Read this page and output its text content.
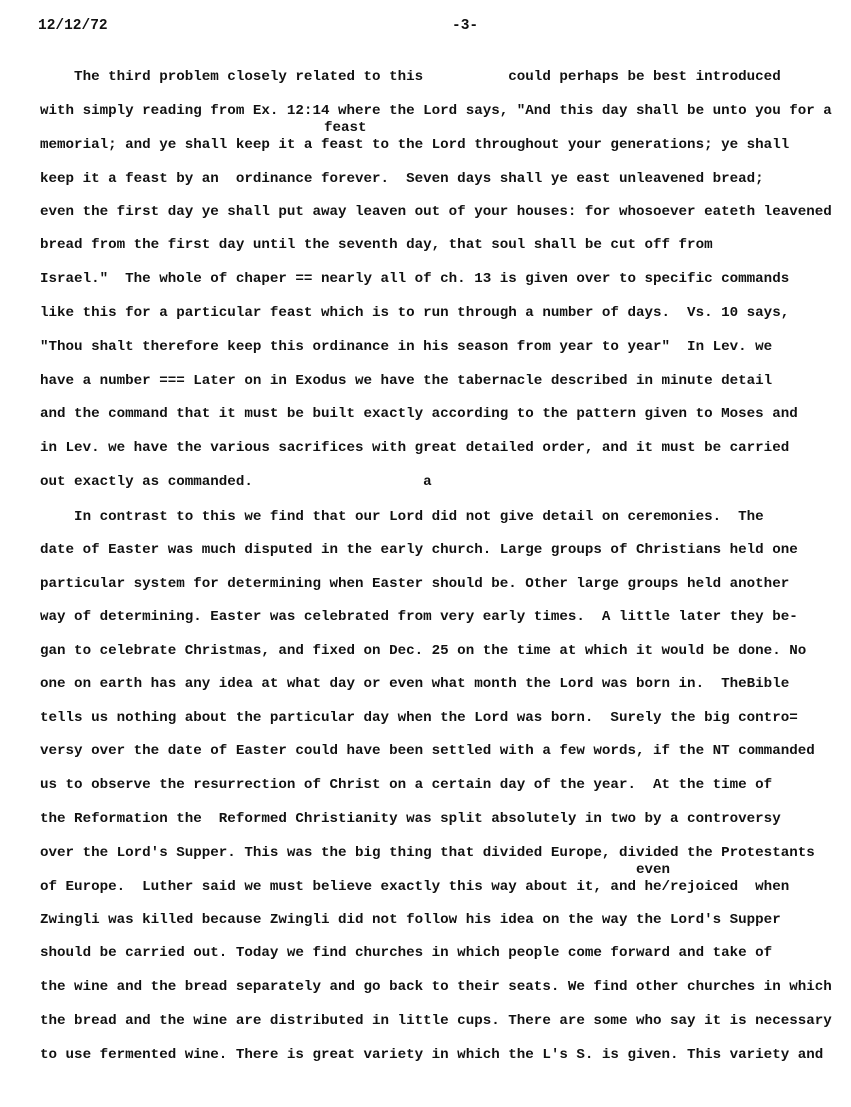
12/12/72	-3-
The third problem closely related to this          could perhaps be best introduced
with simply reading from Ex. 12:14 where the Lord says, "And this day shall be unto you for a
feast
memorial; and ye shall keep it a feast to the Lord throughout your generations; ye shall
keep it a feast by an  ordinance forever.  Seven days shall ye east unleavened bread;
even the first day ye shall put away leaven out of your houses: for whosoever eateth leavened
bread from the first day until the seventh day, that soul shall be cut off from
Israel."  The whole of chaper == nearly all of ch. 13 is given over to specific commands
like this for a particular feast which is to run through a number of days.  Vs. 10 says,
"Thou shalt therefore keep this ordinance in his season from year to year"  In Lev. we
have a number === Later on in Exodus we have the tabernacle described in minute detail
and the command that it must be built exactly according to the pattern given to Moses and
in Lev. we have the various sacrifices with great detailed order, and it must be carried
out exactly as commanded.                    a
In contrast to this we find that our Lord did not give detail on ceremonies.  The
date of Easter was much disputed in the early church. Large groups of Christians held one
particular system for determining when Easter should be. Other large groups held another
way of determining. Easter was celebrated from very early times.  A little later they be-
gan to celebrate Christmas, and fixed on Dec. 25 on the time at which it would be done. No
one on earth has any idea at what day or even what month the Lord was born in.  TheBible
tells us nothing about the particular day when the Lord was born.  Surely the big contro=
versy over the date of Easter could have been settled with a few words, if the NT commanded
us to observe the resurrection of Christ on a certain day of the year.  At the time of
the Reformation the  Reformed Christianity was split absolutely in two by a controversy
over the Lord's Supper. This was the big thing that divided Europe, divided the Protestants
even
of Europe.  Luther said we must believe exactly this way about it, and he/rejoiced  when
Zwingli was killed because Zwingli did not follow his idea on the way the Lord's Supper
should be carried out. Today we find churches in which people come forward and take of
the wine and the bread separately and go back to their seats. We find other churches in which
the bread and the wine are distributed in little cups. There are some who say it is necessary
to use fermented wine. There is great variety in which the L's S. is given. This variety and
